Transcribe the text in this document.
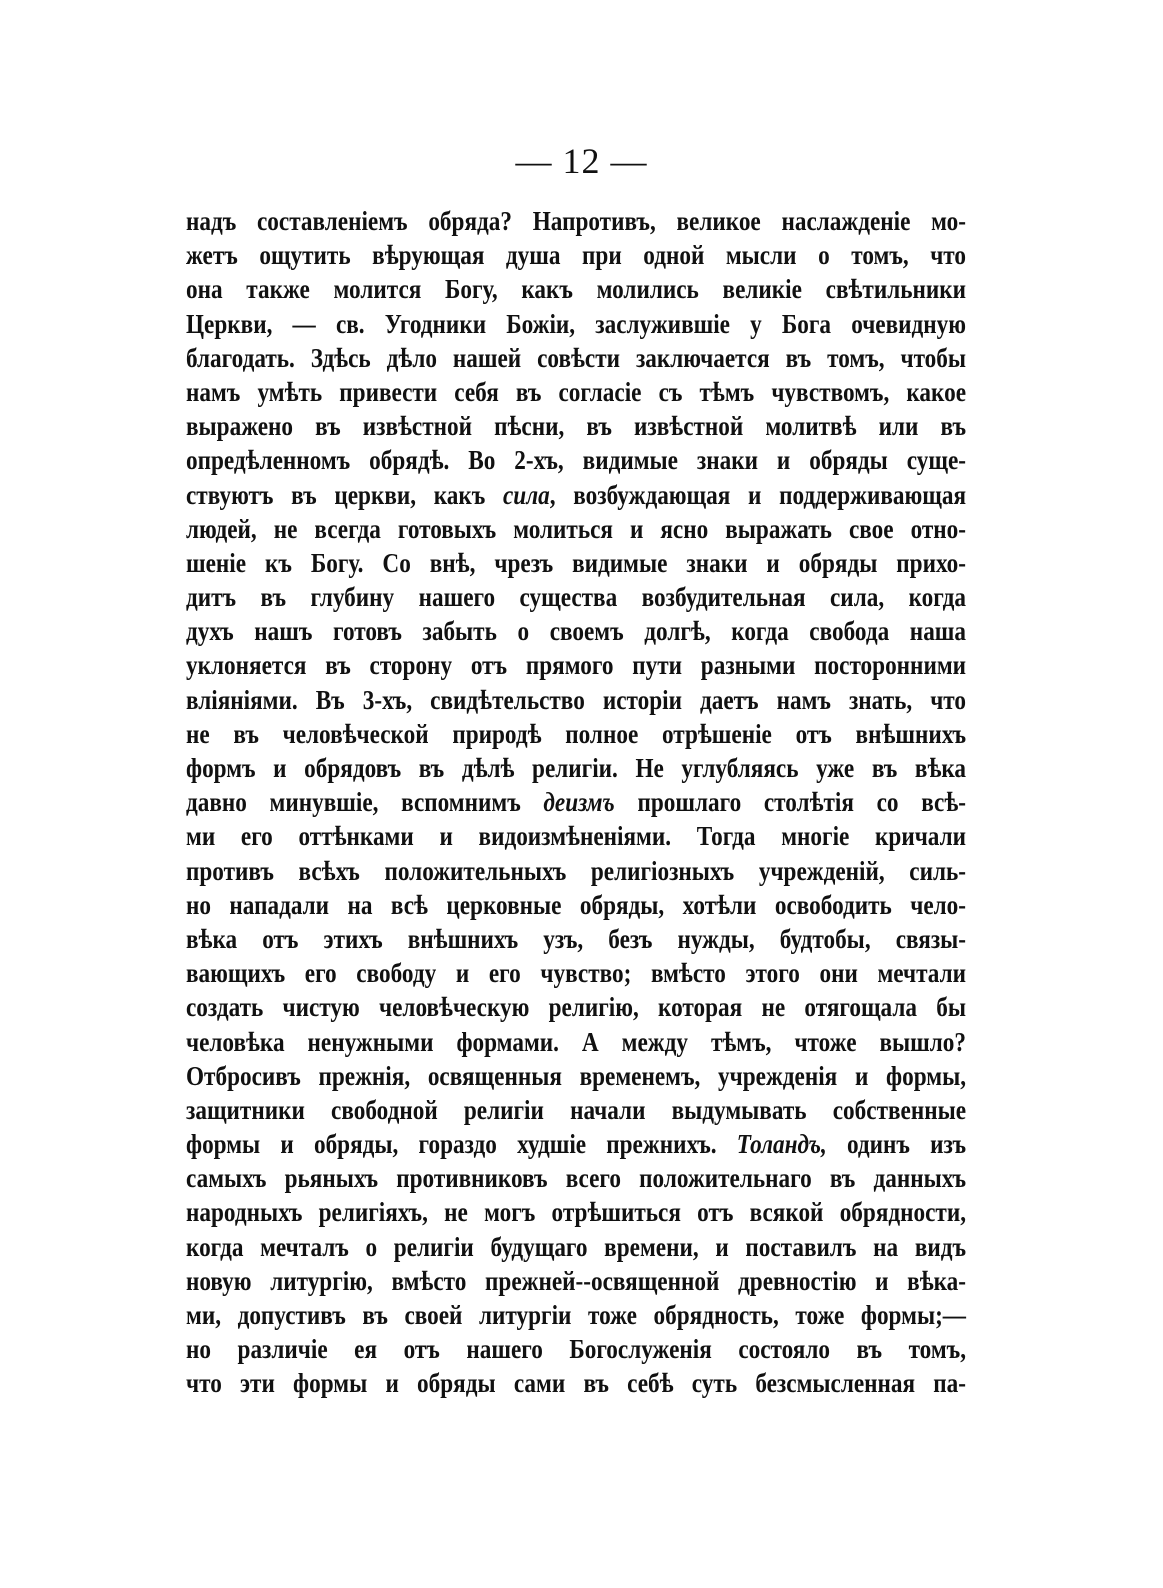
— 12 —
надъ составленiемъ обряда? Напротивъ, великое наслажденiе мо-
жетъ ощутить вѣрующая душа при одной мысли о томъ, что
она также молится Богу, какъ молились великiе свѣтильники
Церкви, — св. Угодники Божiи, заслужившiе у Бога очевидную
благодать. Здѣсь дѣло нашей совѣсти заключается въ томъ, чтобы
намъ умѣть привести себя въ согласiе съ тѣмъ чувствомъ, какое
выражено въ извѣстной пѣсни, въ извѣстной молитвѣ или въ
опредѣленномъ обрядѣ. Во 2-хъ, видимые знаки и обряды суще-
ствуютъ въ церкви, какъ сила, возбуждающая и поддерживающая
людей, не всегда готовыхъ молиться и ясно выражать свое отно-
шенiе къ Богу. Со внѣ, чрезъ видимые знаки и обряды прихо-
дитъ въ глубину нашего существа возбудительная сила, когда
духъ нашъ готовъ забыть о своемъ долгѣ, когда свобода наша
уклоняется въ сторону отъ прямого пути разными посторонними
влiянiями. Въ 3-хъ, свидѣтельство исторiи даетъ намъ знать, что
не въ человѣческой природѣ полное отрѣшенiе отъ внѣшнихъ
формъ и обрядовъ въ дѣлѣ религiи. Не углубляясь уже въ вѣка
давно минувшiе, вспомнимъ деизмъ прошлаго столѣтiя со всѣ-
ми его оттѣнками и видоизмѣненiями. Тогда многiе кричали
противъ всѣхъ положительныхъ религiозныхъ учрежденiй, силь-
но нападали на всѣ церковные обряды, хотѣли освободить чело-
вѣка отъ этихъ внѣшнихъ узъ, безъ нужды, будтобы, связы-
вающихъ его свободу и его чувство; вмѣсто этого они мечтали
создать чистую человѣческую религiю, которая не отягощала бы
человѣка ненужными формами. А между тѣмъ, чтоже вышло?
Отбросивъ прежнiя, освященныя временемъ, учрежденiя и формы,
защитники свободной религiи начали выдумывать собственные
формы и обряды, гораздо худшiе прежнихъ. Толандъ, одинъ изъ
самыхъ рьяныхъ противниковъ всего положительнаго въ данныхъ
народныхъ религiяхъ, не могъ отрѣшиться отъ всякой обрядности,
когда мечталъ о религiи будущаго времени, и поставилъ на видъ
новую литургiю, вмѣсто прежней--освященной древностiю и вѣка-
ми, допустивъ въ своей литургiи тоже обрядность, тоже формы;—
но различiе ея отъ нашего Богослуженiя состояло въ томъ,
что эти формы и обряды сами въ себѣ суть безсмысленная па-
